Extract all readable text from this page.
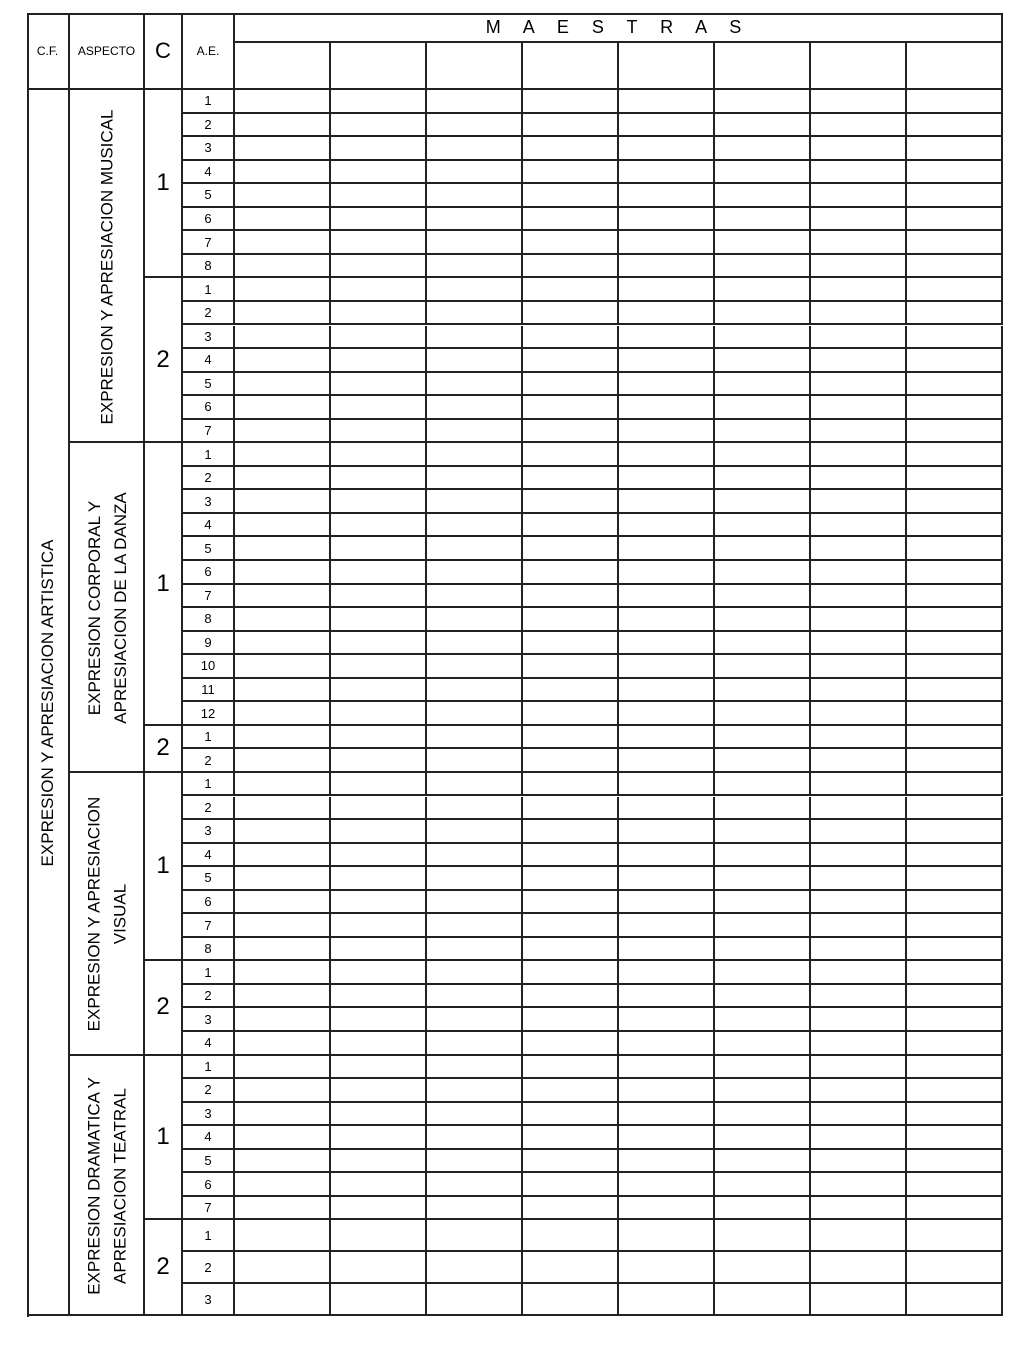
C.F. ASPECTO C A.E.
M A E S T R A S
1
2
3
4
5
6
7
8
1
1
2
3
4
5
6
7
2
EXPRESION Y APRESIACION MUSICAL
1
2
3
4
5
6
7
8
9
10
11
12
1
1
2
2
EXPRESION CORPORAL Y APRESIACION DE LA DANZA
1
2
3
4
5
6
7
8
1
1
2
3
4
2
EXPRESION Y APRESIACION VISUAL
1
2
3
4
5
6
7
1
1
2
3
2
EXPRESION DRAMATICA Y APRESIACION TEATRAL
EXPRESION Y APRESIACION ARTISTICA
